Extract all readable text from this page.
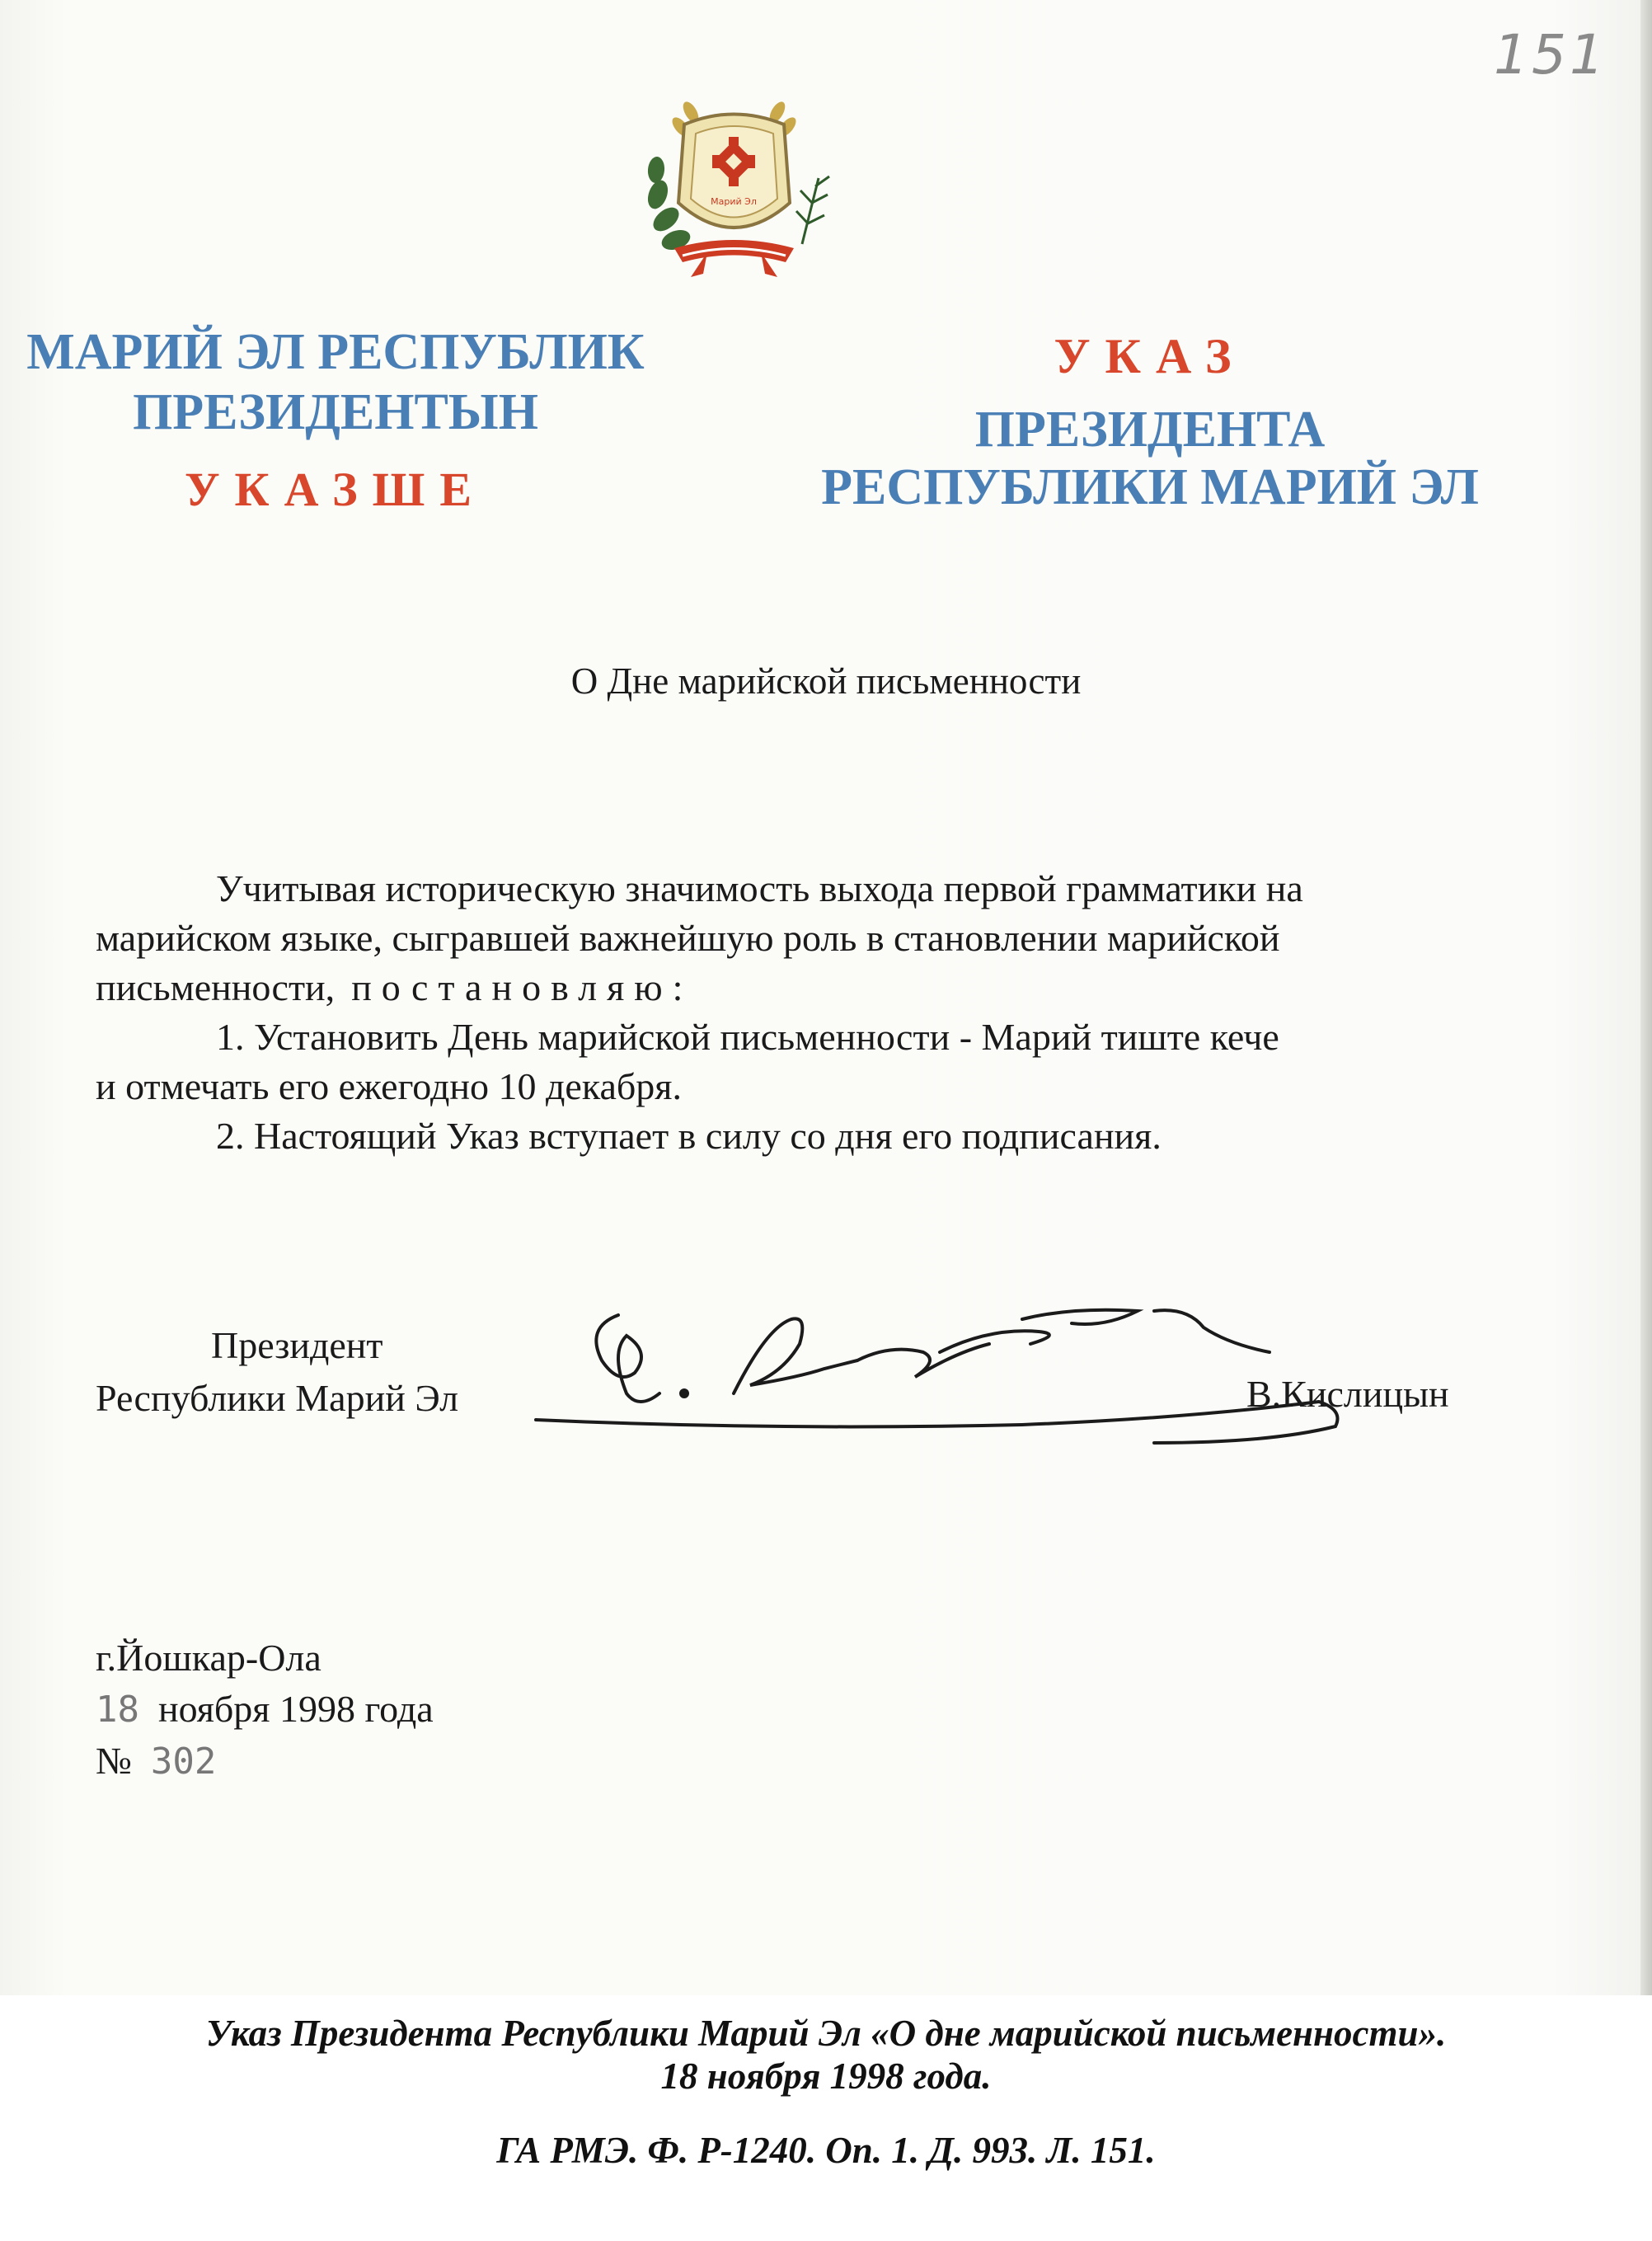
151
Марий Эл
МАРИЙ ЭЛ РЕСПУБЛИК
ПРЕЗИДЕНТЫН
УКАЗШЕ
УКАЗ
ПРЕЗИДЕНТА
РЕСПУБЛИКИ МАРИЙ ЭЛ
О Дне марийской письменности
Учитывая историческую значимость выхода первой грамматики на
марийском языке, сыгравшей важнейшую роль в становлении марийской
письменности, постановляю:
1. Установить День марийской письменности - Марий тиште кече
и отмечать его ежегодно 10 декабря.
2. Настоящий Указ вступает в силу со дня его подписания.
Президент
Республики Марий Эл	В.Кислицын
г.Йошкар-Ола
18 ноября 1998 года
№ 302
Указ Президента Республики Марий Эл «О дне марийской письменности».
18 ноября 1998 года.
ГА РМЭ. Ф. Р-1240. Оп. 1. Д. 993. Л. 151.
